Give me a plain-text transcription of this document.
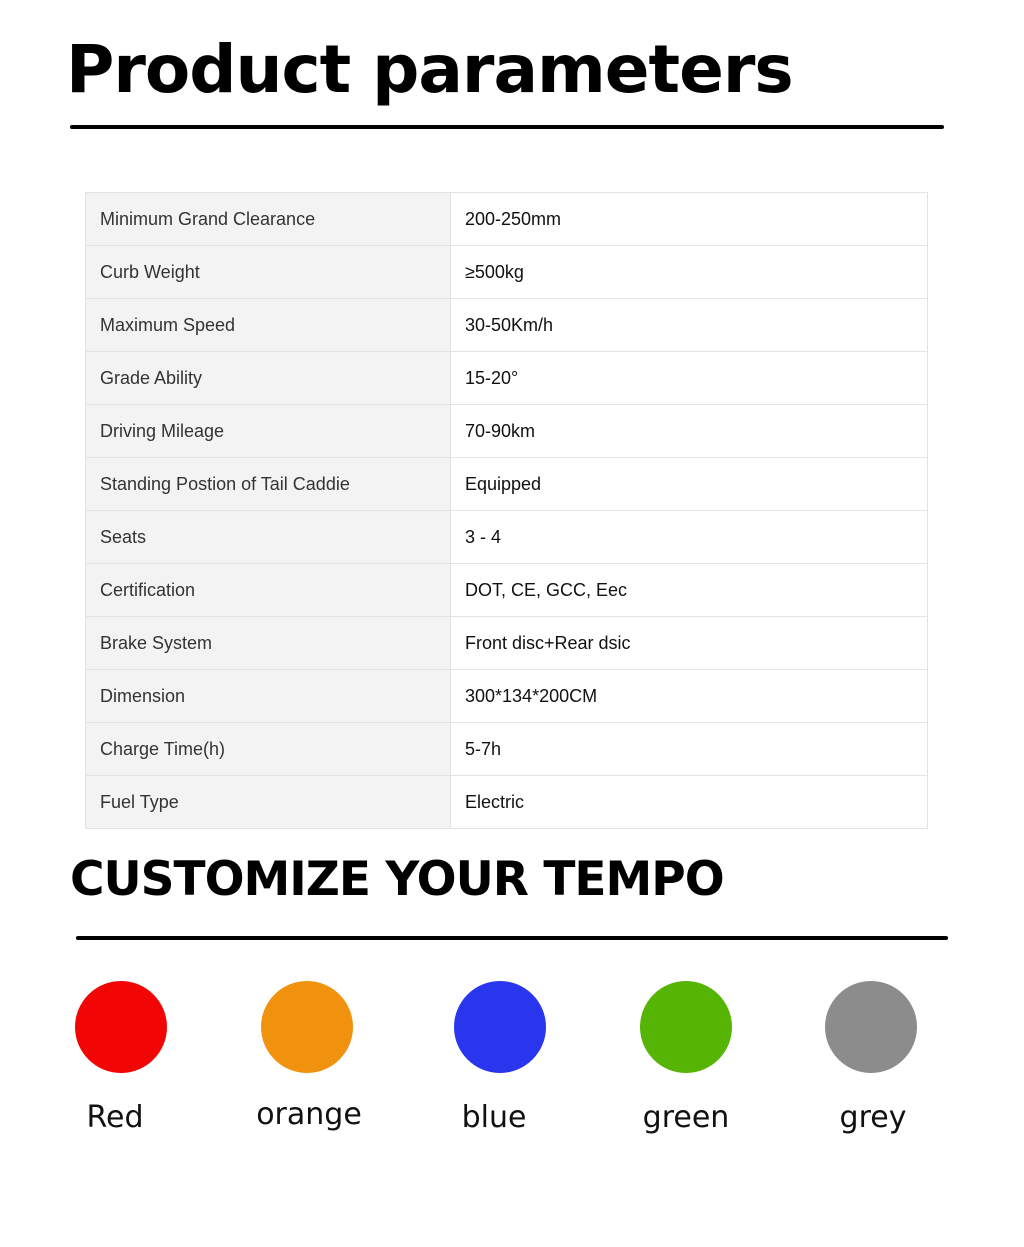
Product parameters
Minimum Grand Clearance	200-250mm
Curb Weight	≥500kg
Maximum Speed	30-50Km/h
Grade Ability	15-20°
Driving Mileage	70-90km
Standing Postion of Tail Caddie	Equipped
Seats	3 - 4
Certification	DOT, CE, GCC, Eec
Brake System	Front disc+Rear dsic
Dimension	300*134*200CM
Charge Time(h)	5-7h
Fuel Type	Electric
CUSTOMIZE YOUR TEMPO
Red	orange	blue	green	grey
